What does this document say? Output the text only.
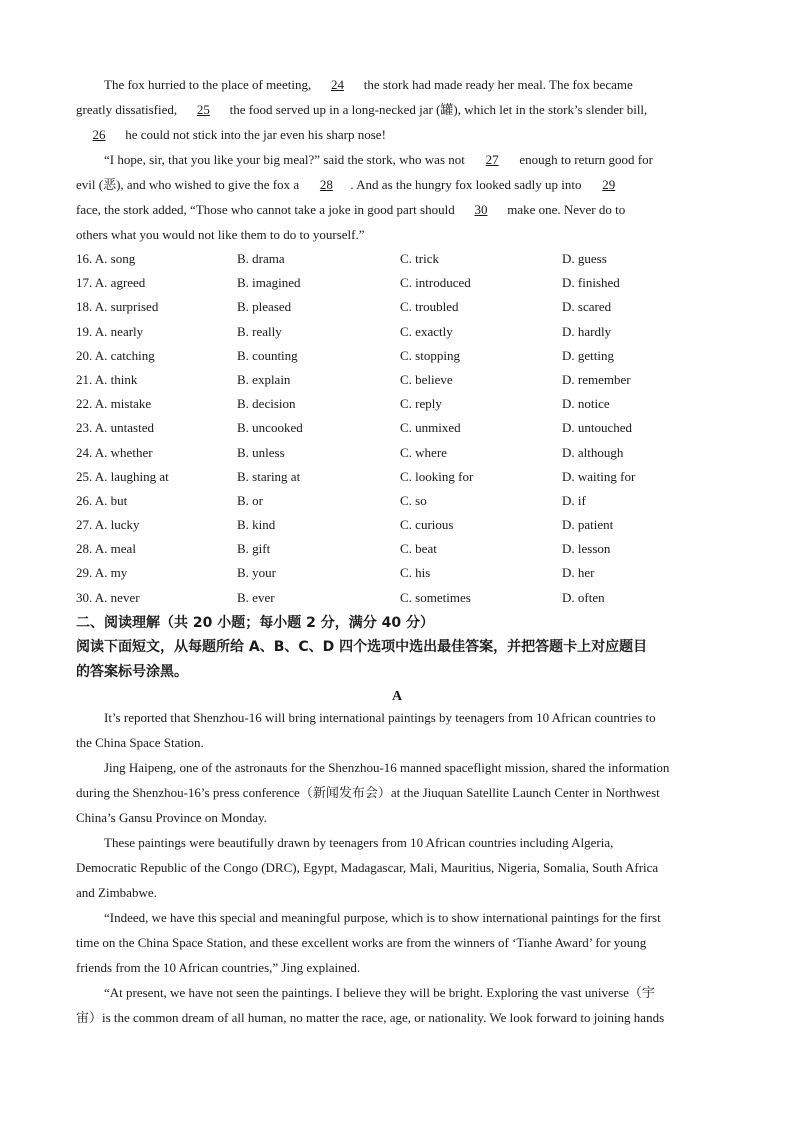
The fox hurried to the place of meeting, 24 the stork had made ready her meal. The fox became
greatly dissatisfied, 25 the food served up in a long-necked jar (罐), which let in the stork’s slender bill,
26 he could not stick into the jar even his sharp nose!
“I hope, sir, that you like your big meal?” said the stork, who was not 27 enough to return good for
evil (恶), and who wished to give the fox a 28 . And as the hungry fox looked sadly up into 29
face, the stork added, “Those who cannot take a joke in good part should 30 make one. Never do to
others what you would not like them to do to yourself.”
16. A. song	B. drama	C. trick	D. guess
17. A. agreed	B. imagined	C. introduced	D. finished
18. A. surprised	B. pleased	C. troubled	D. scared
19. A. nearly	B. really	C. exactly	D. hardly
20. A. catching	B. counting	C. stopping	D. getting
21. A. think	B. explain	C. believe	D. remember
22. A. mistake	B. decision	C. reply	D. notice
23. A. untasted	B. uncooked	C. unmixed	D. untouched
24. A. whether	B. unless	C. where	D. although
25. A. laughing at	B. staring at	C. looking for	D. waiting for
26. A. but	B. or	C. so	D. if
27. A. lucky	B. kind	C. curious	D. patient
28. A. meal	B. gift	C. beat	D. lesson
29. A. my	B. your	C. his	D. her
30. A. never	B. ever	C. sometimes	D. often
二、阅读理解（共 20 小题；每小题 2 分，满分 40 分）
阅读下面短文，从每题所给 A、B、C、D 四个选项中选出最佳答案，并把答题卡上对应题目
的答案标号涂黑。
A
It’s reported that Shenzhou-16 will bring international paintings by teenagers from 10 African countries to
the China Space Station.
Jing Haipeng, one of the astronauts for the Shenzhou-16 manned spaceflight mission, shared the information
during the Shenzhou-16’s press conference（新闻发布会）at the Jiuquan Satellite Launch Center in Northwest
China’s Gansu Province on Monday.
These paintings were beautifully drawn by teenagers from 10 African countries including Algeria,
Democratic Republic of the Congo (DRC), Egypt, Madagascar, Mali, Mauritius, Nigeria, Somalia, South Africa
and Zimbabwe.
“Indeed, we have this special and meaningful purpose, which is to show international paintings for the first
time on the China Space Station, and these excellent works are from the winners of ‘Tianhe Award’ for young
friends from the 10 African countries,” Jing explained.
“At present, we have not seen the paintings. I believe they will be bright. Exploring the vast universe（宇
宙）is the common dream of all human, no matter the race, age, or nationality. We look forward to joining hands
